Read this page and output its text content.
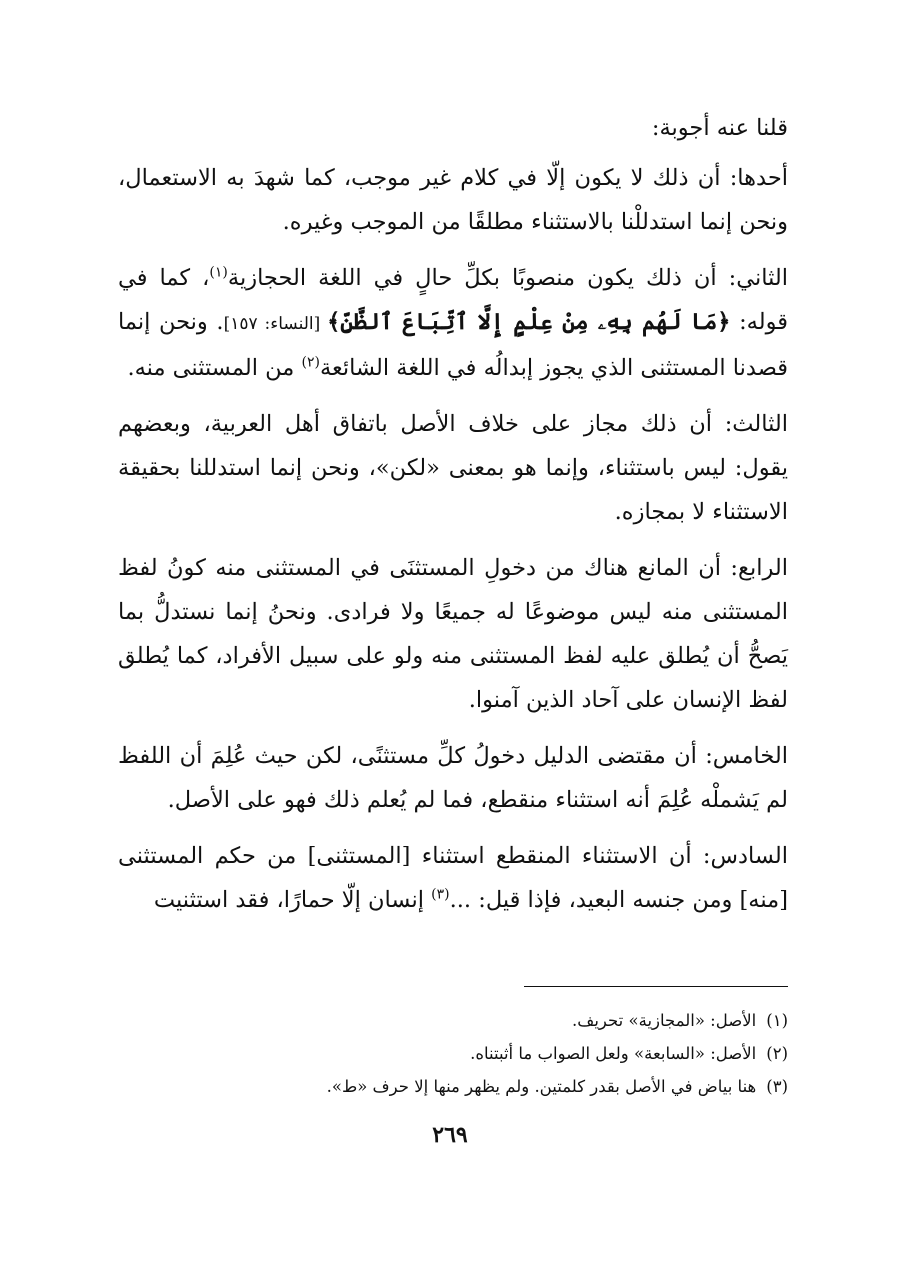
قلنا عنه أجوبة:

أحدها: أن ذلك لا يكون إلّا في كلام غير موجب، كما شهدَ به الاستعمال، ونحن إنما استدللْنا بالاستثناء مطلقًا من الموجب وغيره.

الثاني: أن ذلك يكون منصوبًا بكلِّ حالٍ في اللغة الحجازية$^{(١)}$، كما في قوله: ﴿مَا لَهُم بِهِۦ مِنْ عِلْمٍ إِلَّا ٱتِّبَاعَ ٱلظَّنِّ﴾ [النساء: ١٥٧]. ونحن إنما قصدنا المستثنى الذي يجوز إبدالُه في اللغة الشائعة$^{(٢)}$ من المستثنى منه.

الثالث: أن ذلك مجاز على خلاف الأصل باتفاق أهل العربية، وبعضهم يقول: ليس باستثناء، وإنما هو بمعنى «لكن»، ونحن إنما استدللنا بحقيقة الاستثناء لا بمجازه.

الرابع: أن المانع هناك من دخولِ المستثنَى في المستثنى منه كونُ لفظ المستثنى منه ليس موضوعًا له جميعًا ولا فرادى. ونحنُ إنما نستدلُّ بما يَصحُّ أن يُطلق عليه لفظ المستثنى منه ولو على سبيل الأفراد، كما يُطلق لفظ الإنسان على آحاد الذين آمنوا.

الخامس: أن مقتضى الدليل دخولُ كلِّ مستثنًى، لكن حيث عُلِمَ أن اللفظ لم يَشملْه عُلِمَ أنه استثناء منقطع، فما لم يُعلم ذلك فهو على الأصل.

السادس: أن الاستثناء المنقطع استثناء [المستثنى] من حكم المستثنى [منه] ومن جنسه البعيد، فإذا قيل: ...$^{(٣)}$ إنسان إلّا حمارًا، فقد استثنيت

(١)الأصل: «المجازية» تحريف.

(٢)الأصل: «السابعة» ولعل الصواب ما أثبتناه.

(٣)هنا بياض في الأصل بقدر كلمتين. ولم يظهر منها إلا حرف «ط».

٢٦٩
